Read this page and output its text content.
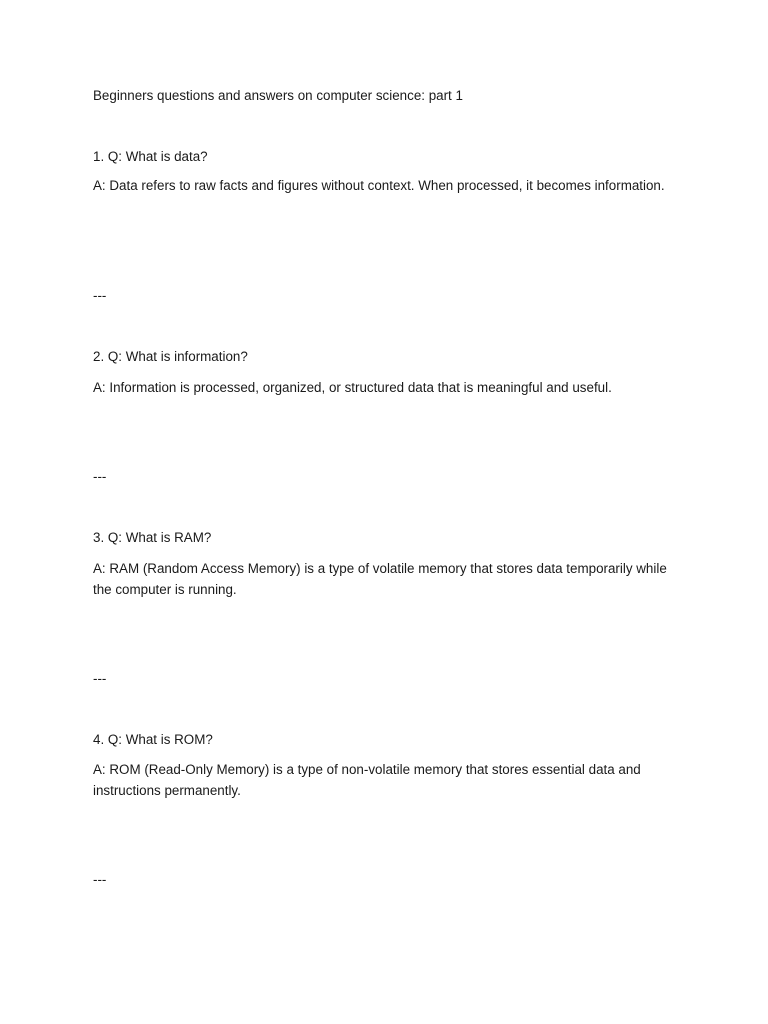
Beginners questions and answers on computer science: part 1
1. Q: What is data?
A: Data refers to raw facts and figures without context. When processed, it becomes information.
---
2. Q: What is information?
A: Information is processed, organized, or structured data that is meaningful and useful.
---
3. Q: What is RAM?
A: RAM (Random Access Memory) is a type of volatile memory that stores data temporarily while the computer is running.
---
4. Q: What is ROM?
A: ROM (Read-Only Memory) is a type of non-volatile memory that stores essential data and instructions permanently.
---
